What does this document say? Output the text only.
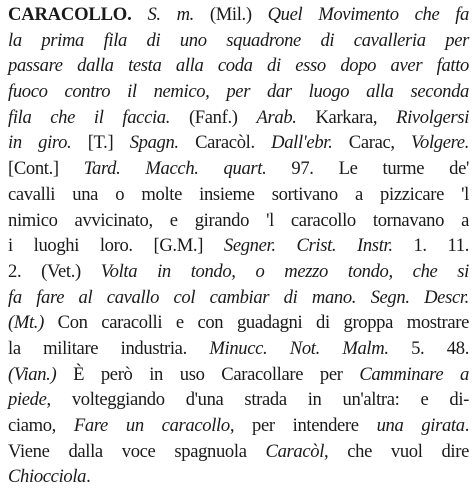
CARACOLLO. S. m. (Mil.) Quel Movimento che fa
la prima fila di uno squadrone di cavalleria per
passare dalla testa alla coda di esso dopo aver fatto
fuoco contro il nemico, per dar luogo alla seconda
fila che il faccia. (Fanf.) Arab. Karkara, Rivolgersi
in giro. [T.] Spagn. Caracòl. Dall'ebr. Carac, Volgere.
[Cont.] Tard. Macch. quart. 97. Le turme de'
cavalli una o molte insieme sortivano a pizzicare 'l
nimico avvicinato, e girando 'l caracollo tornavano a
i luoghi loro. [G.M.] Segner. Crist. Instr. 1. 11.
2. (Vet.) Volta in tondo, o mezzo tondo, che si
fa fare al cavallo col cambiar di mano. Segn. Descr.
(Mt.) Con caracolli e con guadagni di groppa mostrare
la militare industria. Minucc. Not. Malm. 5. 48.
(Vian.) È però in uso Caracollare per Camminare a
piede, volteggiando d'una strada in un'altra: e di-
ciamo, Fare un caracollo, per intendere una girata.
Viene dalla voce spagnuola Caracòl, che vuol dire
Chiocciola.
